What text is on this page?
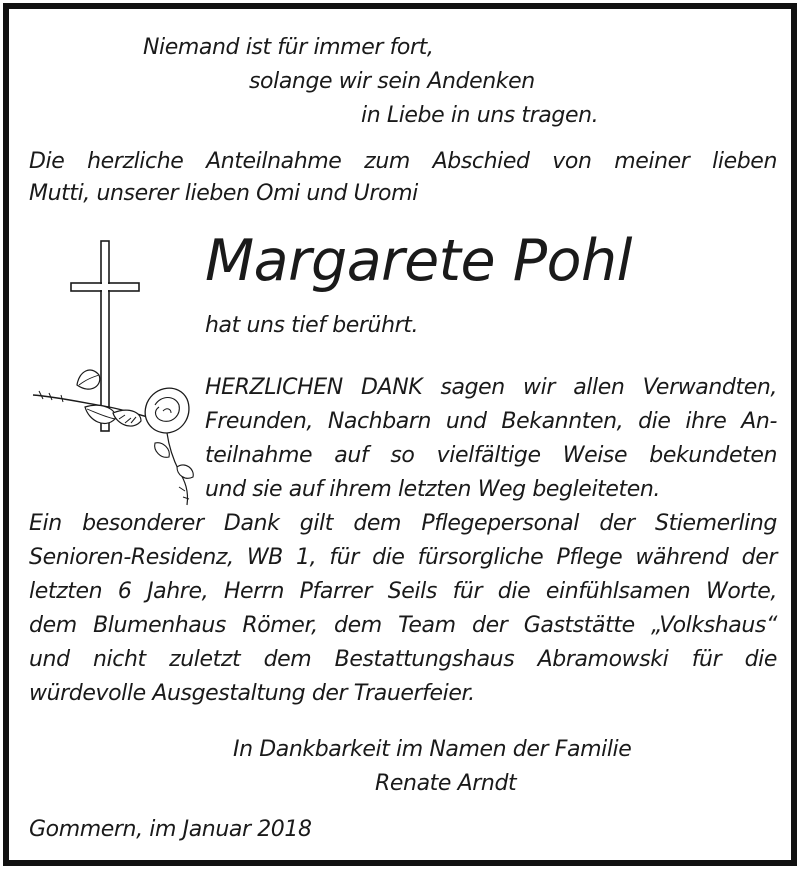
Niemand ist für immer fort,
solange wir sein Andenken
in Liebe in uns tragen.
Die herzliche Anteilnahme zum Abschied von meiner lieben
Mutti, unserer lieben Omi und Uromi
Margarete Pohl
hat uns tief berührt.
HERZLICHEN DANK sagen wir allen Verwandten,
Freunden, Nachbarn und Bekannten, die ihre An-
teilnahme auf so vielfältige Weise bekundeten
und sie auf ihrem letzten Weg begleiteten.
Ein besonderer Dank gilt dem Pflegepersonal der Stiemerling
Senioren-Residenz, WB 1, für die fürsorgliche Pflege während der
letzten 6 Jahre, Herrn Pfarrer Seils für die einfühlsamen Worte,
dem Blumenhaus Römer, dem Team der Gaststätte „Volkshaus“
und nicht zuletzt dem Bestattungshaus Abramowski für die
würdevolle Ausgestaltung der Trauerfeier.
In Dankbarkeit im Namen der Familie
Renate Arndt
Gommern, im Januar 2018
